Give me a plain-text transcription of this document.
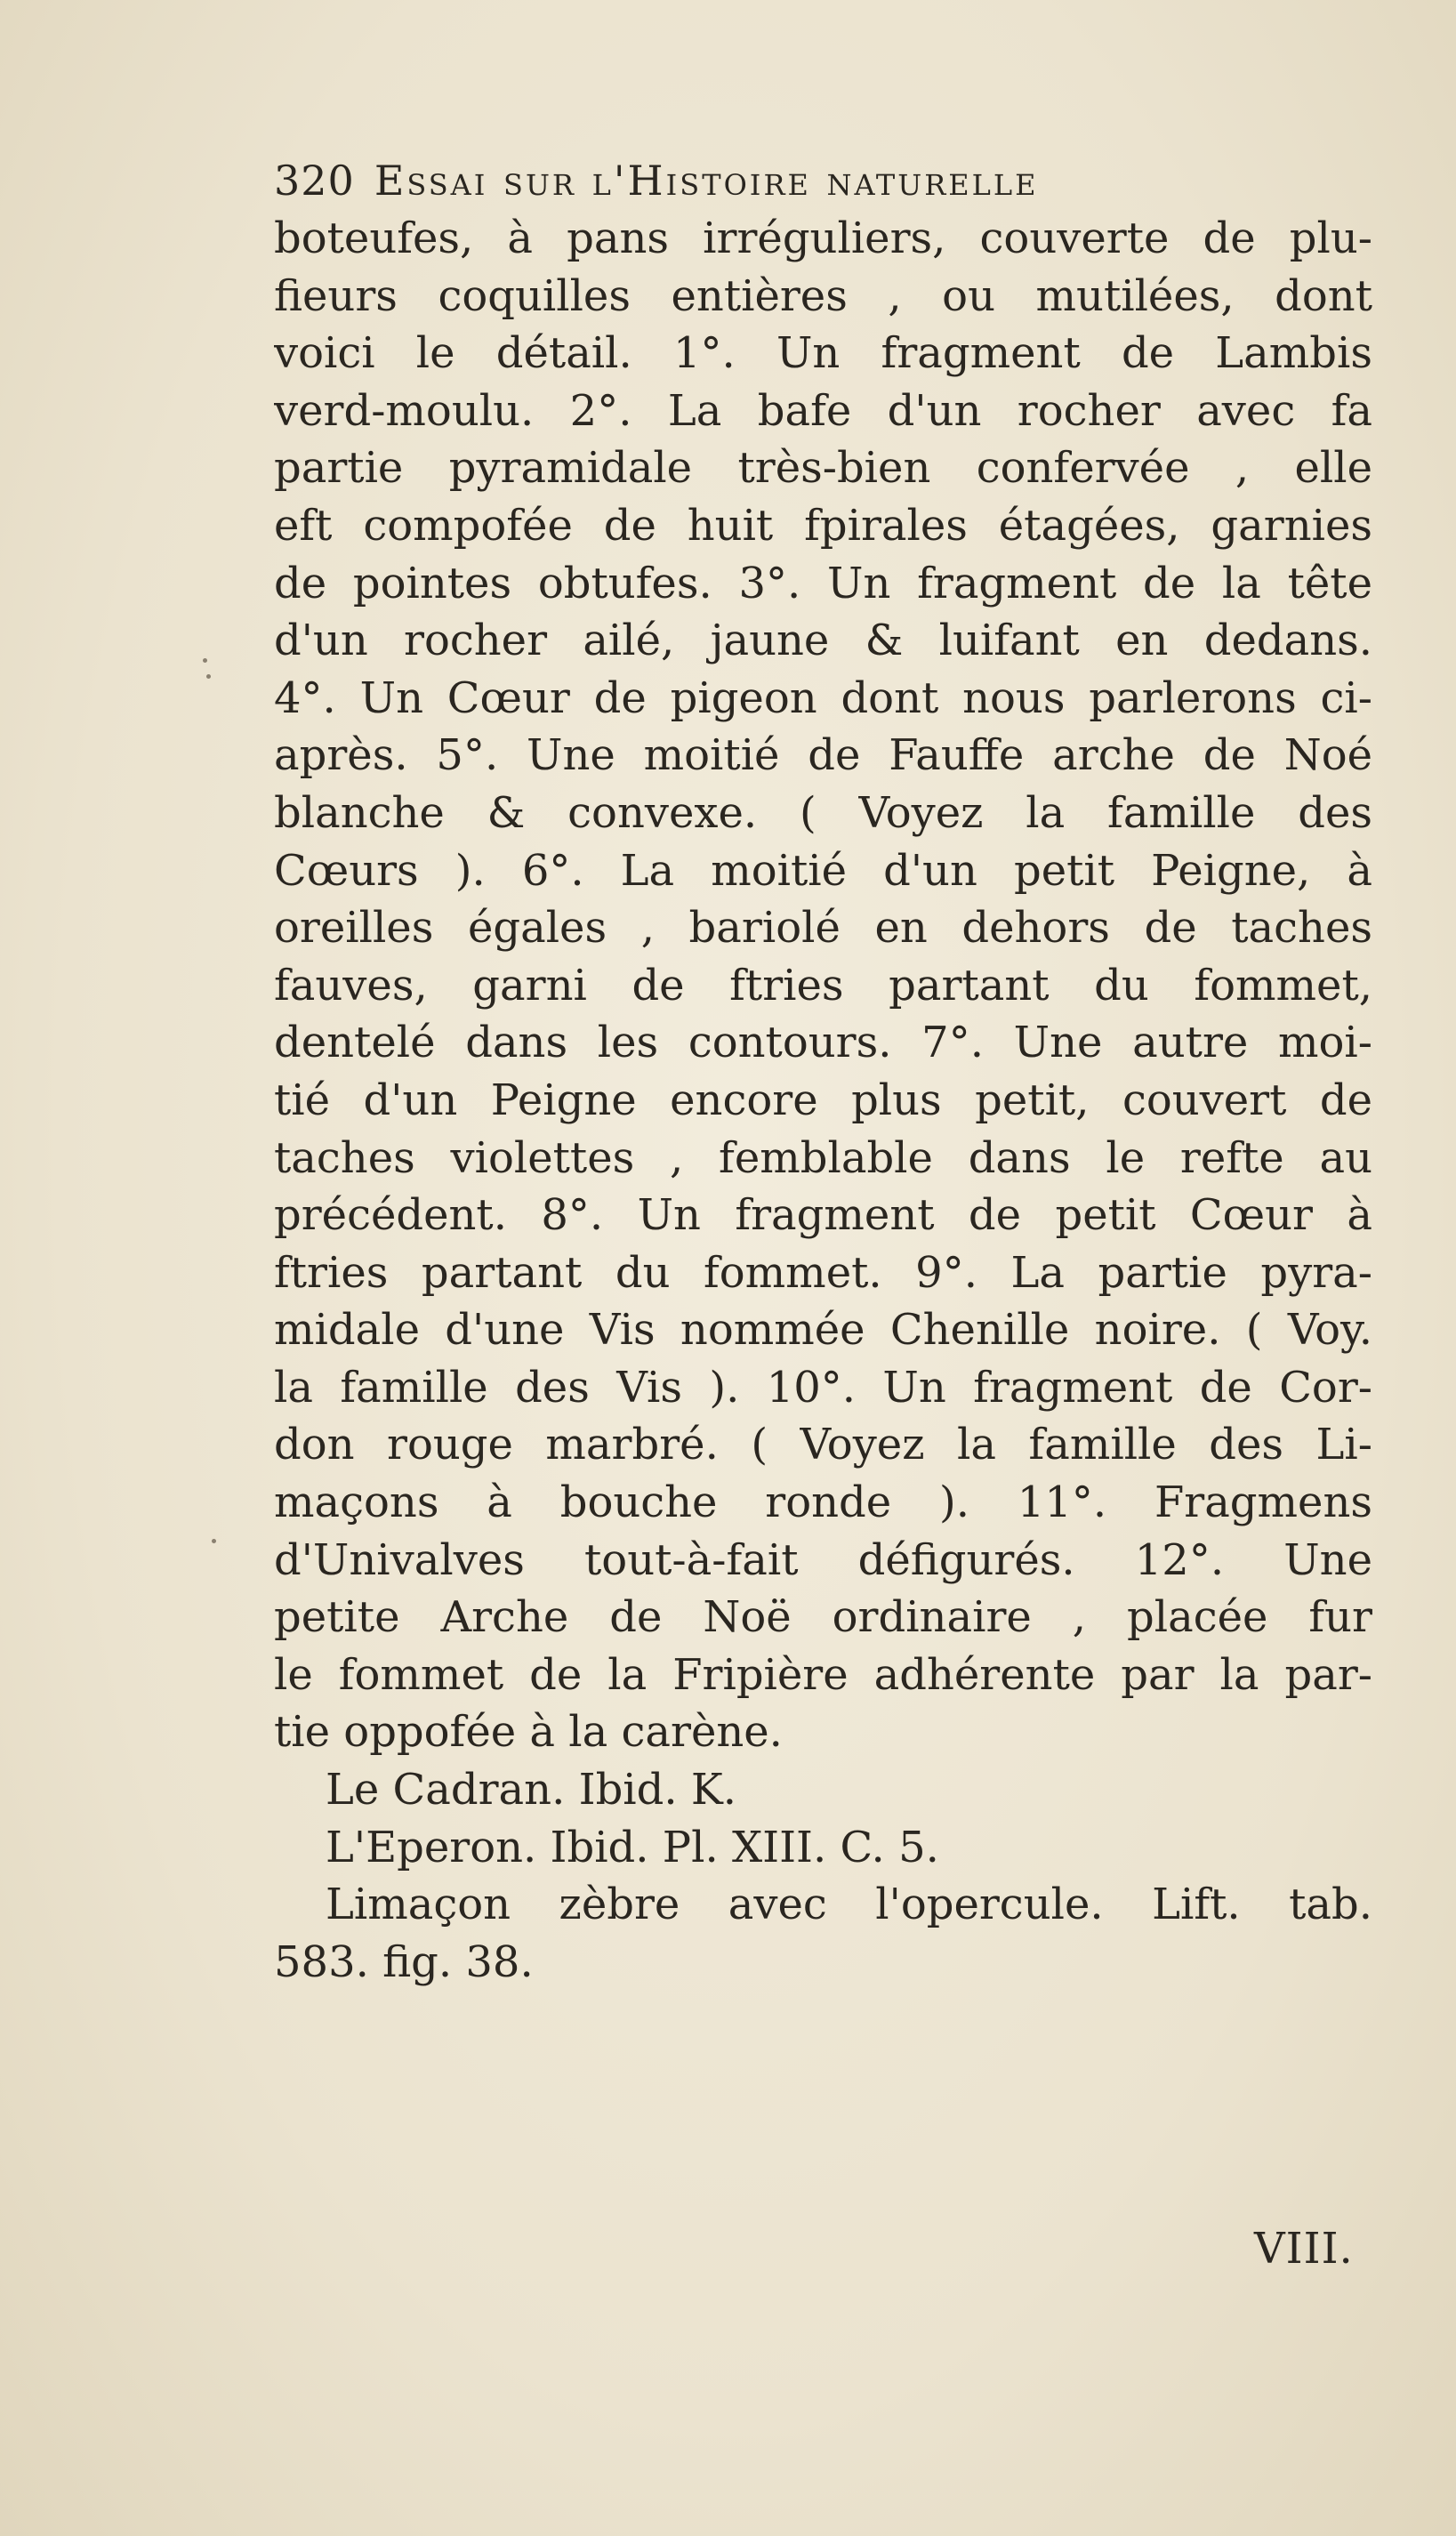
320 Essai sur l'Histoire naturelle
boteufes, à pans irréguliers, couverte de plu-
fieurs coquilles entières , ou mutilées, dont
voici le détail. 1°. Un fragment de Lambis
verd-moulu. 2°. La bafe d'un rocher avec fa
partie pyramidale très-bien confervée , elle
eft compofée de huit fpirales étagées, garnies
de pointes obtufes. 3°. Un fragment de la tête
d'un rocher ailé, jaune & luifant en dedans.
4°. Un Cœur de pigeon dont nous parlerons ci-
après. 5°. Une moitié de Fauffe arche de Noé
blanche & convexe. ( Voyez la famille des
Cœurs ). 6°. La moitié d'un petit Peigne, à
oreilles égales , bariolé en dehors de taches
fauves, garni de ftries partant du fommet,
dentelé dans les contours. 7°. Une autre moi-
tié d'un Peigne encore plus petit, couvert de
taches violettes , femblable dans le refte au
précédent. 8°. Un fragment de petit Cœur à
ftries partant du fommet. 9°. La partie pyra-
midale d'une Vis nommée Chenille noire. ( Voy.
la famille des Vis ). 10°. Un fragment de Cor-
don rouge marbré. ( Voyez la famille des Li-
maçons à bouche ronde ). 11°. Fragmens
d'Univalves tout-à-fait défigurés. 12°. Une
petite Arche de Noë ordinaire , placée fur
le fommet de la Fripière adhérente par la par-
tie oppofée à la carène.
Le Cadran. Ibid. K.
L'Eperon. Ibid. Pl. XIII. C. 5.
Limaçon zèbre avec l'opercule. Lift. tab.
583. fig. 38.
VIII.
